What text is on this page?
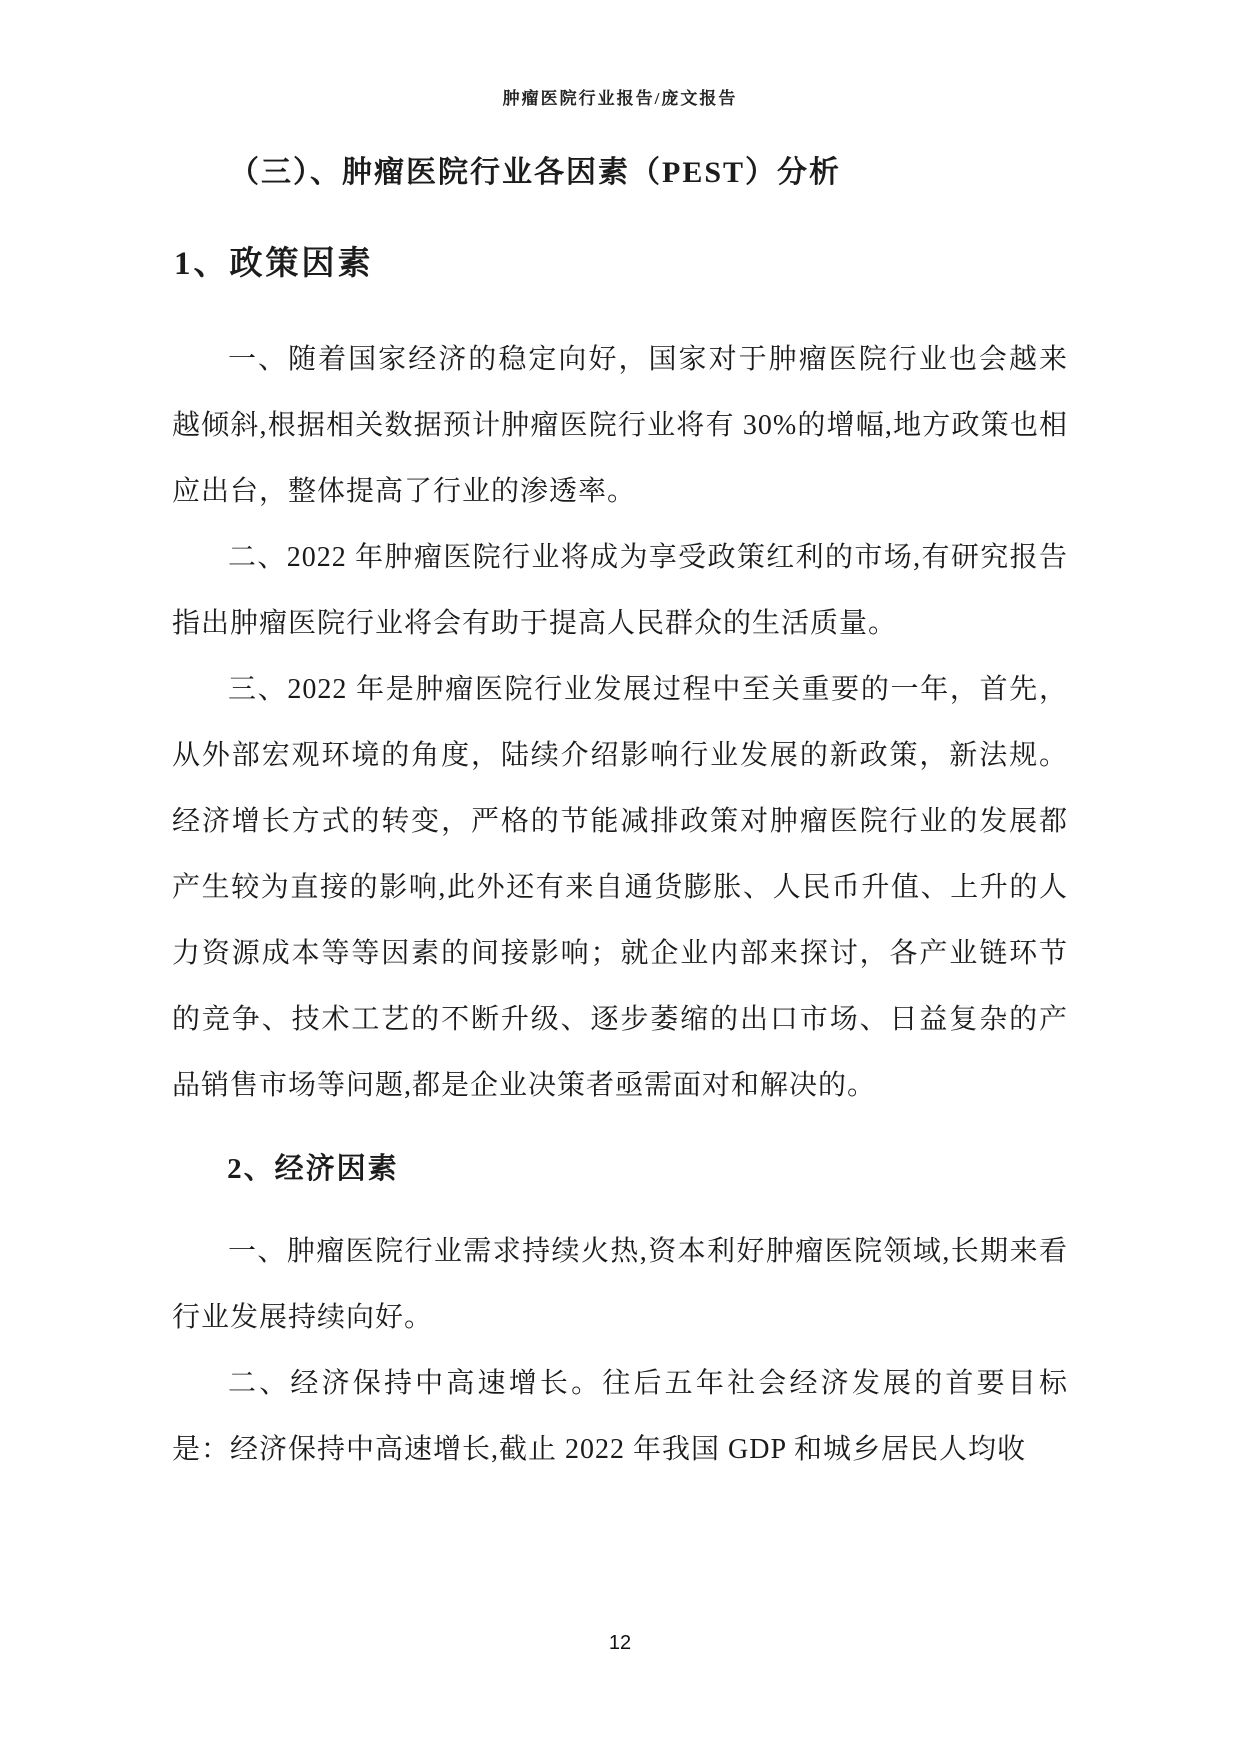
肿瘤医院行业报告/庞文报告
（三）、肿瘤医院行业各因素（PEST）分析
1、政策因素

一、随着国家经济的稳定向好，国家对于肿瘤医院行业也会越来越倾斜,根据相关数据预计肿瘤医院行业将有 30%的增幅,地方政策也相应出台，整体提高了行业的渗透率。

二、2022 年肿瘤医院行业将成为享受政策红利的市场,有研究报告指出肿瘤医院行业将会有助于提高人民群众的生活质量。

三、2022 年是肿瘤医院行业发展过程中至关重要的一年，首先，从外部宏观环境的角度，陆续介绍影响行业发展的新政策，新法规。经济增长方式的转变，严格的节能减排政策对肿瘤医院行业的发展都产生较为直接的影响,此外还有来自通货膨胀、人民币升值、上升的人力资源成本等等因素的间接影响；就企业内部来探讨，各产业链环节的竞争、技术工艺的不断升级、逐步萎缩的出口市场、日益复杂的产品销售市场等问题,都是企业决策者亟需面对和解决的。

2、经济因素

一、肿瘤医院行业需求持续火热,资本利好肿瘤医院领域,长期来看行业发展持续向好。

二、经济保持中高速增长。往后五年社会经济发展的首要目标是：经济保持中高速增长,截止 2022 年我国 GDP 和城乡居民人均收

12
